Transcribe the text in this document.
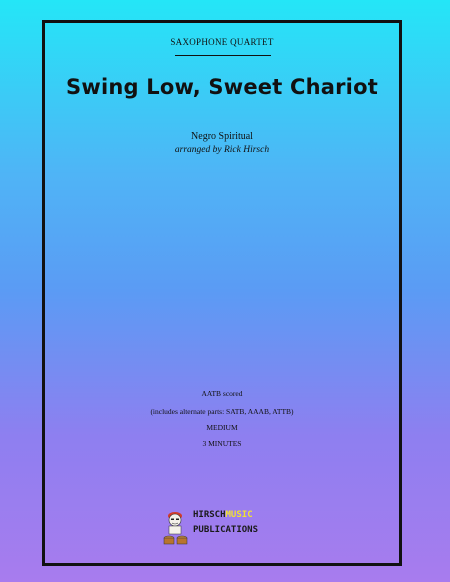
SAXOPHONE QUARTET
Swing Low, Sweet Chariot
Negro Spiritual
arranged by Rick Hirsch
AATB scored
(includes alternate parts: SATB, AAAB, ATTB)
MEDIUM
3 MINUTES
HIRSCHMUSIC
PUBLICATIONS
